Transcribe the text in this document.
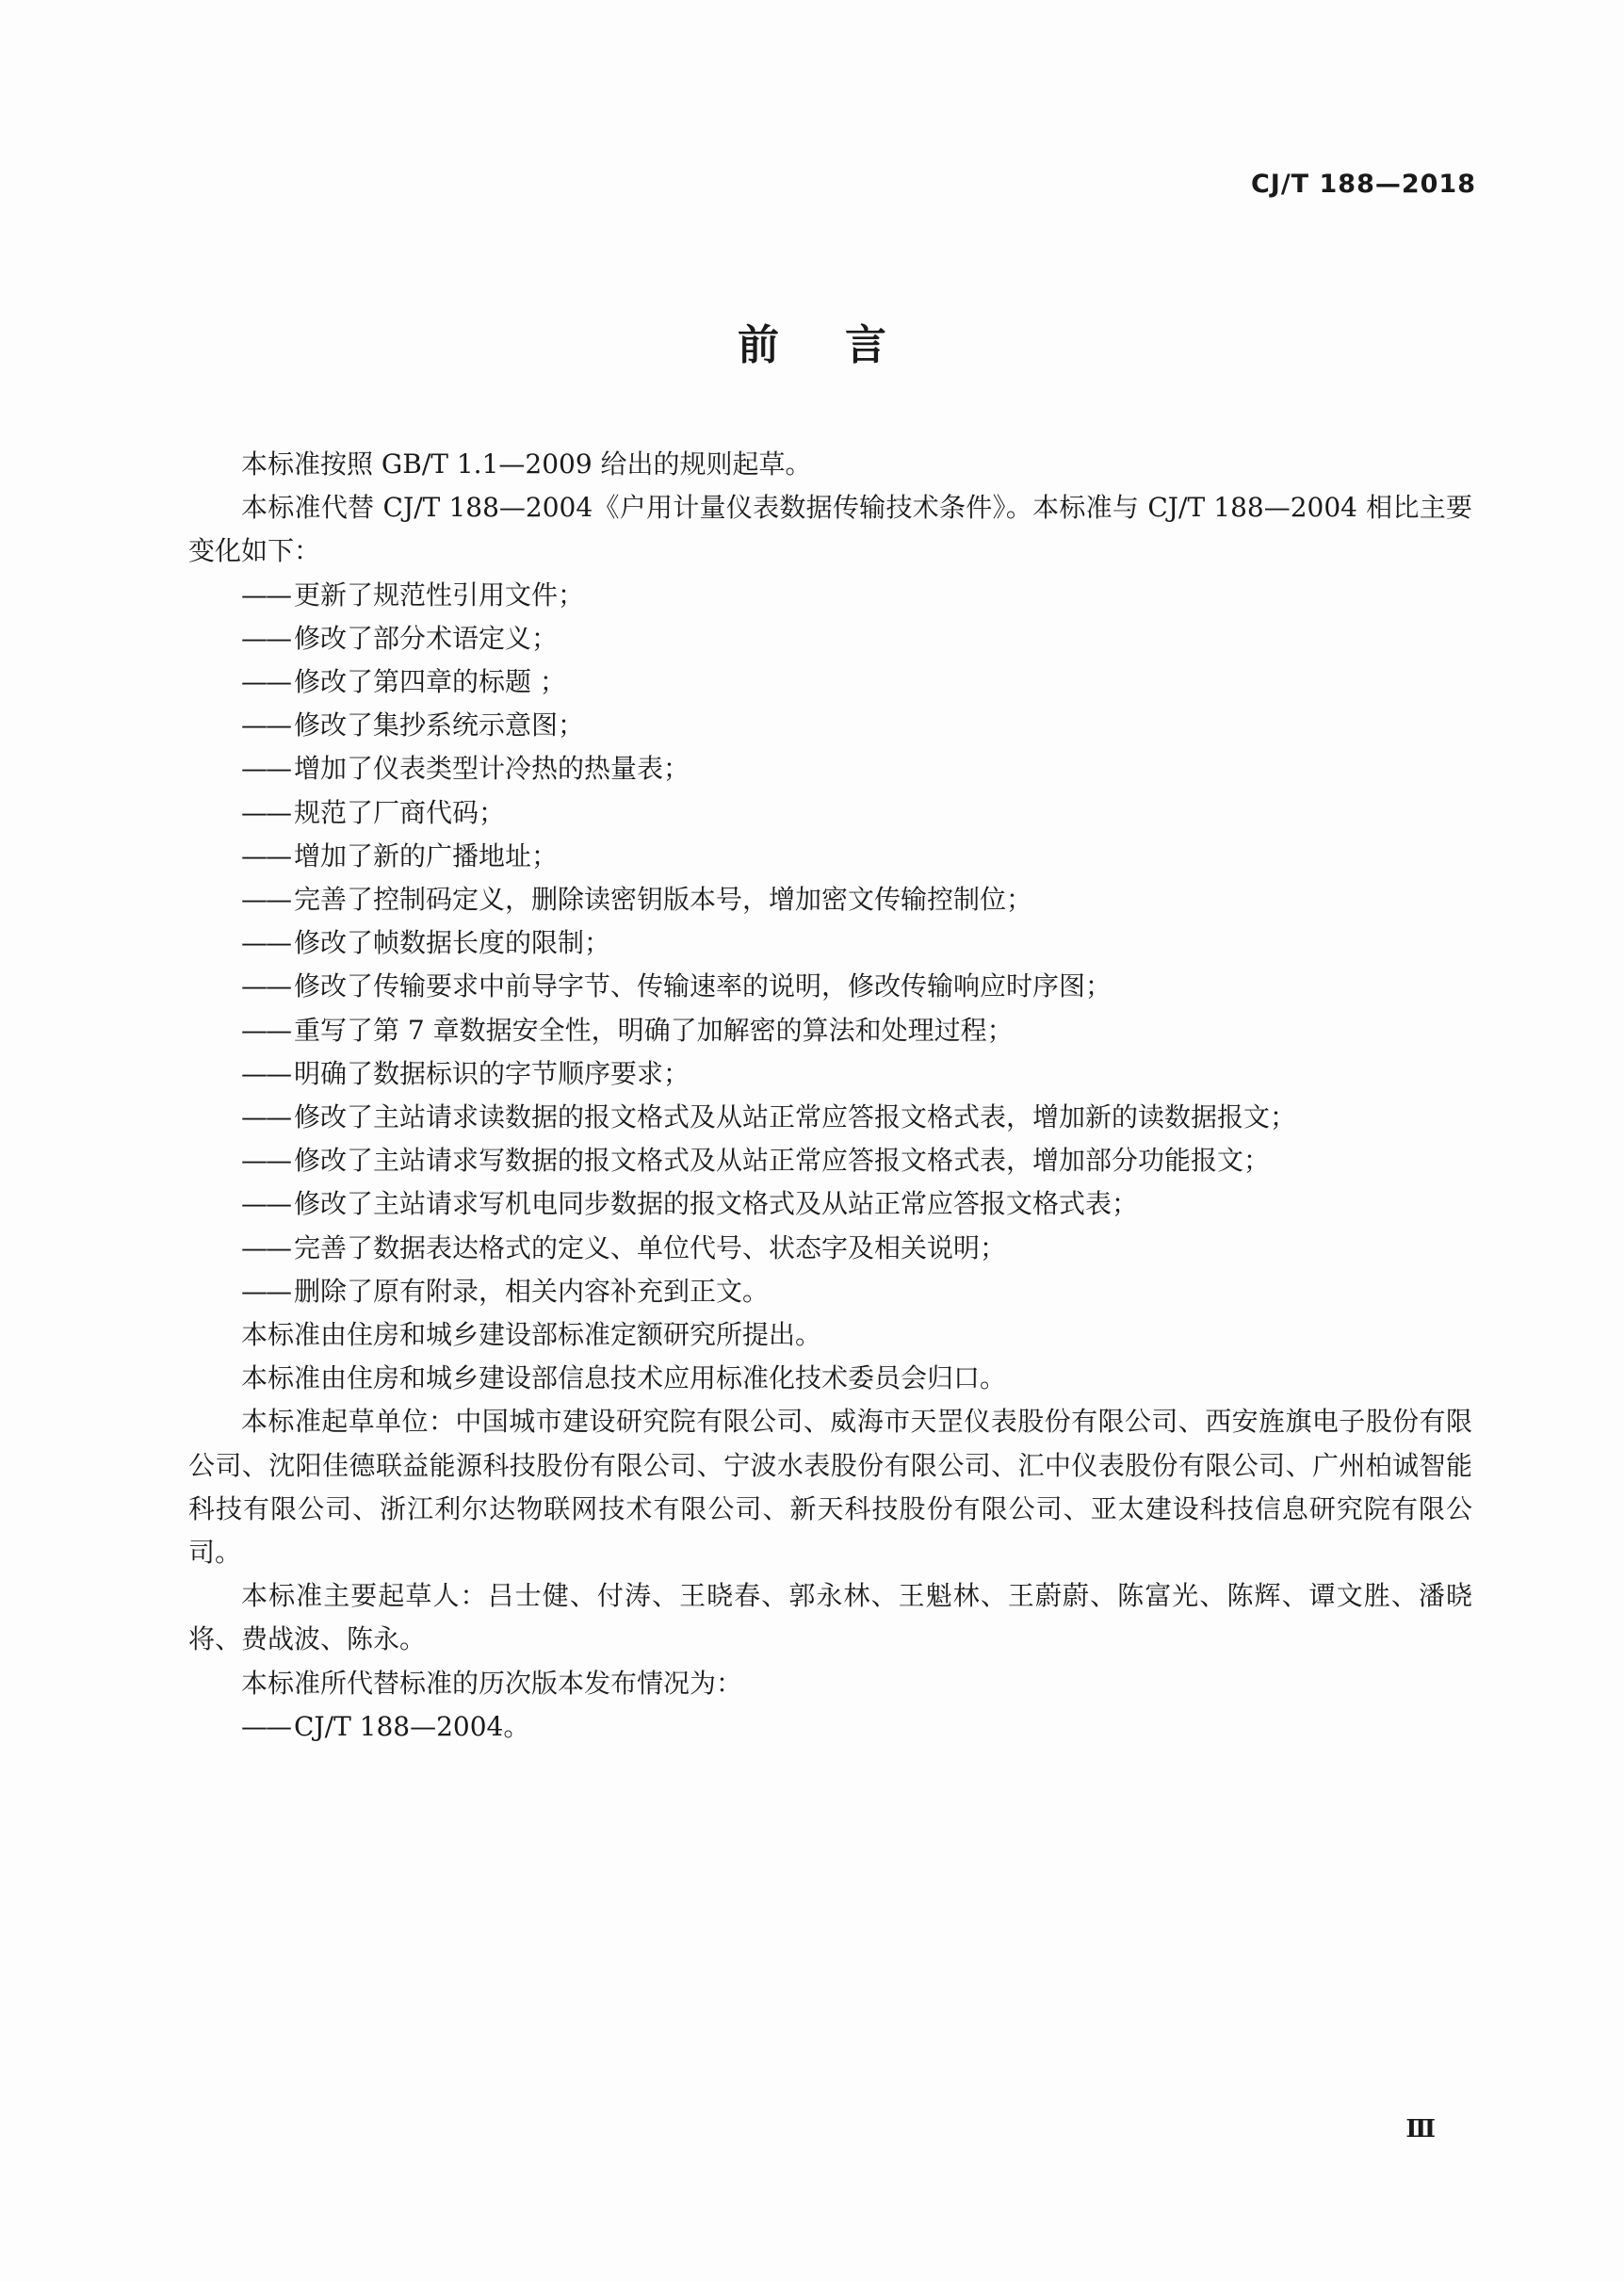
CJ/T 188—2018
前言

本标准按照 GB/T 1.1—2009 给出的规则起草。

本标准代替 CJ/T 188—2004《户用计量仪表数据传输技术条件》。本标准与 CJ/T 188—2004 相比主要变化如下：

—— 更新了规范性引用文件；

—— 修改了部分术语定义；

—— 修改了第四章的标题 ；

—— 修改了集抄系统示意图；

—— 增加了仪表类型计冷热的热量表；

—— 规范了厂商代码；

—— 增加了新的广播地址；

—— 完善了控制码定义，删除读密钥版本号，增加密文传输控制位；

—— 修改了帧数据长度的限制；

—— 修改了传输要求中前导字节、传输速率的说明，修改传输响应时序图；

—— 重写了第 7 章数据安全性，明确了加解密的算法和处理过程；

—— 明确了数据标识的字节顺序要求；

—— 修改了主站请求读数据的报文格式及从站正常应答报文格式表，增加新的读数据报文；

—— 修改了主站请求写数据的报文格式及从站正常应答报文格式表，增加部分功能报文；

—— 修改了主站请求写机电同步数据的报文格式及从站正常应答报文格式表；

—— 完善了数据表达格式的定义、单位代号、状态字及相关说明；

—— 删除了原有附录，相关内容补充到正文。

本标准由住房和城乡建设部标准定额研究所提出。

本标准由住房和城乡建设部信息技术应用标准化技术委员会归口。

本标准起草单位：中国城市建设研究院有限公司、威海市天罡仪表股份有限公司、西安旌旗电子股份有限公司、沈阳佳德联益能源科技股份有限公司、宁波水表股份有限公司、汇中仪表股份有限公司、广州柏诚智能科技有限公司、浙江利尔达物联网技术有限公司、新天科技股份有限公司、亚太建设科技信息研究院有限公司。

本标准主要起草人：吕士健、付涛、王晓春、郭永林、王魁林、王蔚蔚、陈富光、陈辉、谭文胜、潘晓将、费战波、陈永。

本标准所代替标准的历次版本发布情况为：

—— CJ/T 188—2004。

Ⅲ
